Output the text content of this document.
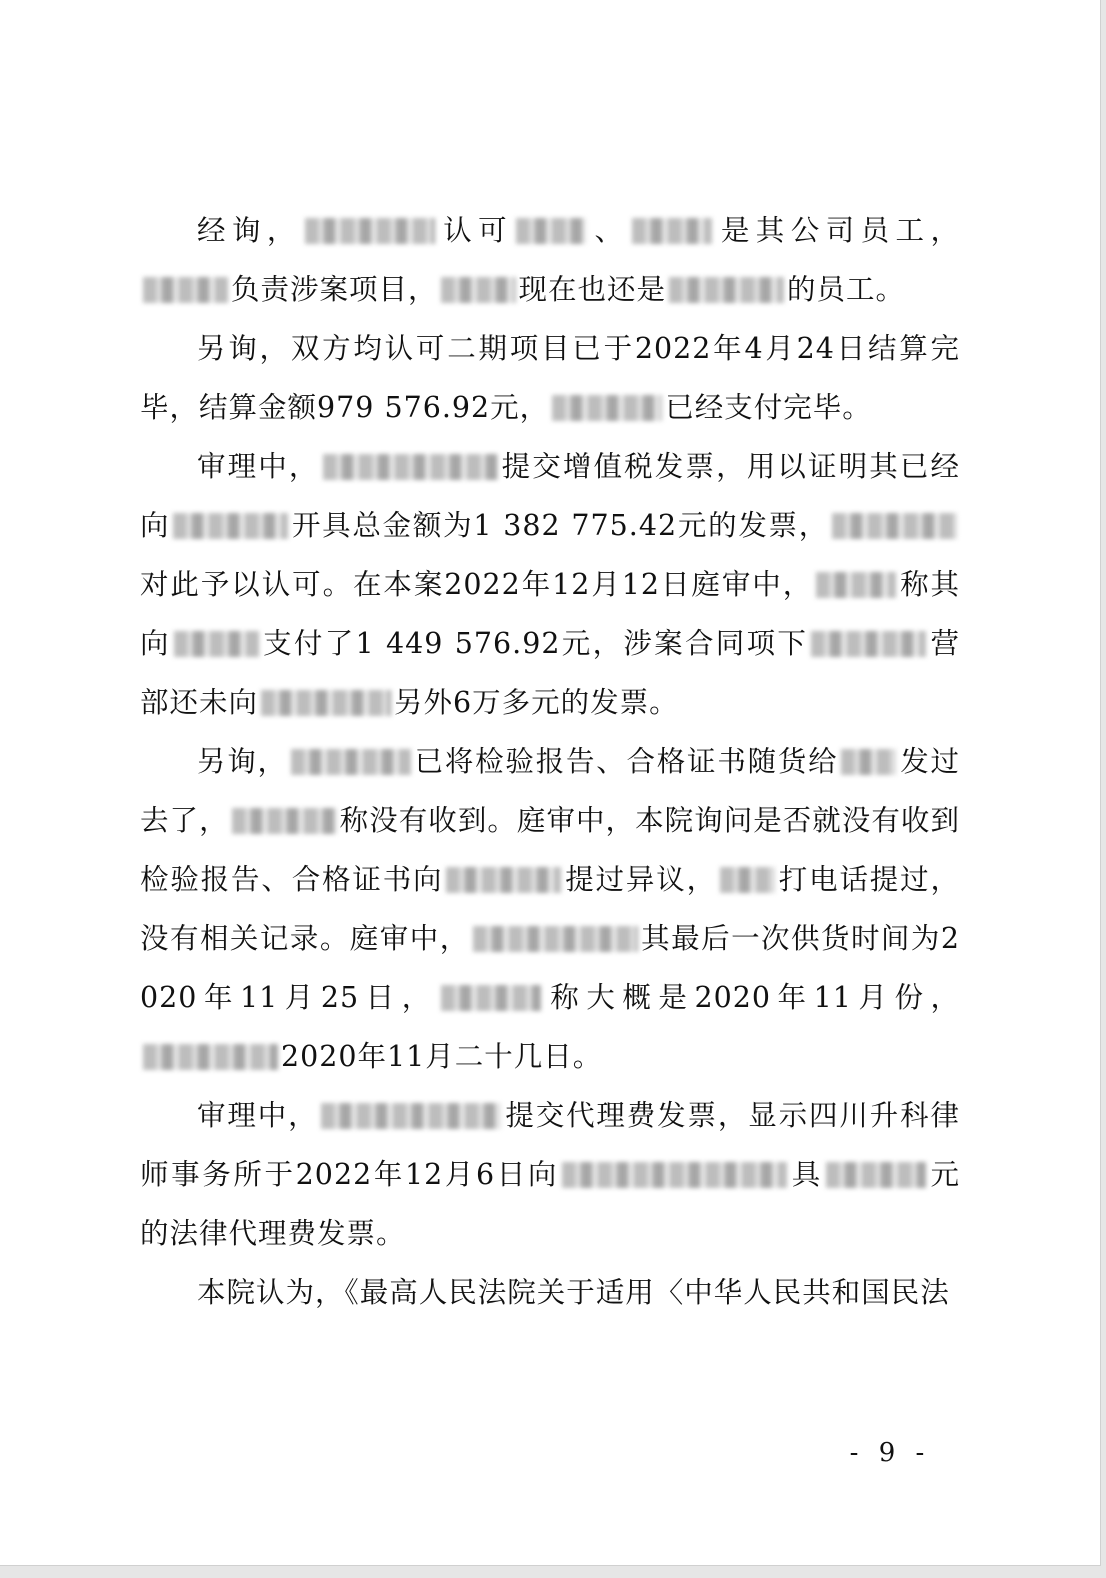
经询，	认可	、	是其公司员工，负责涉案项目，	现在也还是	的员工。

另询，双方均认可二期项目已于2022年4月24日结算完毕，结算金额979 576.92元，	已经支付完毕。

审理中，	提交增值税发票，用以证明其已经向	开具总金额为1 382 775.42元的发票，对此予以认可。在本案2022年12月12日庭审中，	称其向	支付了1 449 576.92元，涉案合同项下	营部还未向	另外6万多元的发票。

另询，	已将检验报告、合格证书随货给 发过去了，	称没有收到。庭审中，本院询问是否就没有收到检验报告、合格证书向	提过异议， 打电话提过，没有相关记录。庭审中，	其最后一次供货时间为2020年11月25日，	称大概是2020年11月份，2020年11月二十几日。

审理中，	提交代理费发票，显示四川升科律师事务所于2022年12月6日向	具	元的法律代理费发票。

本院认为，《最高人民法院关于适用〈中华人民共和国民法

- 9 -
